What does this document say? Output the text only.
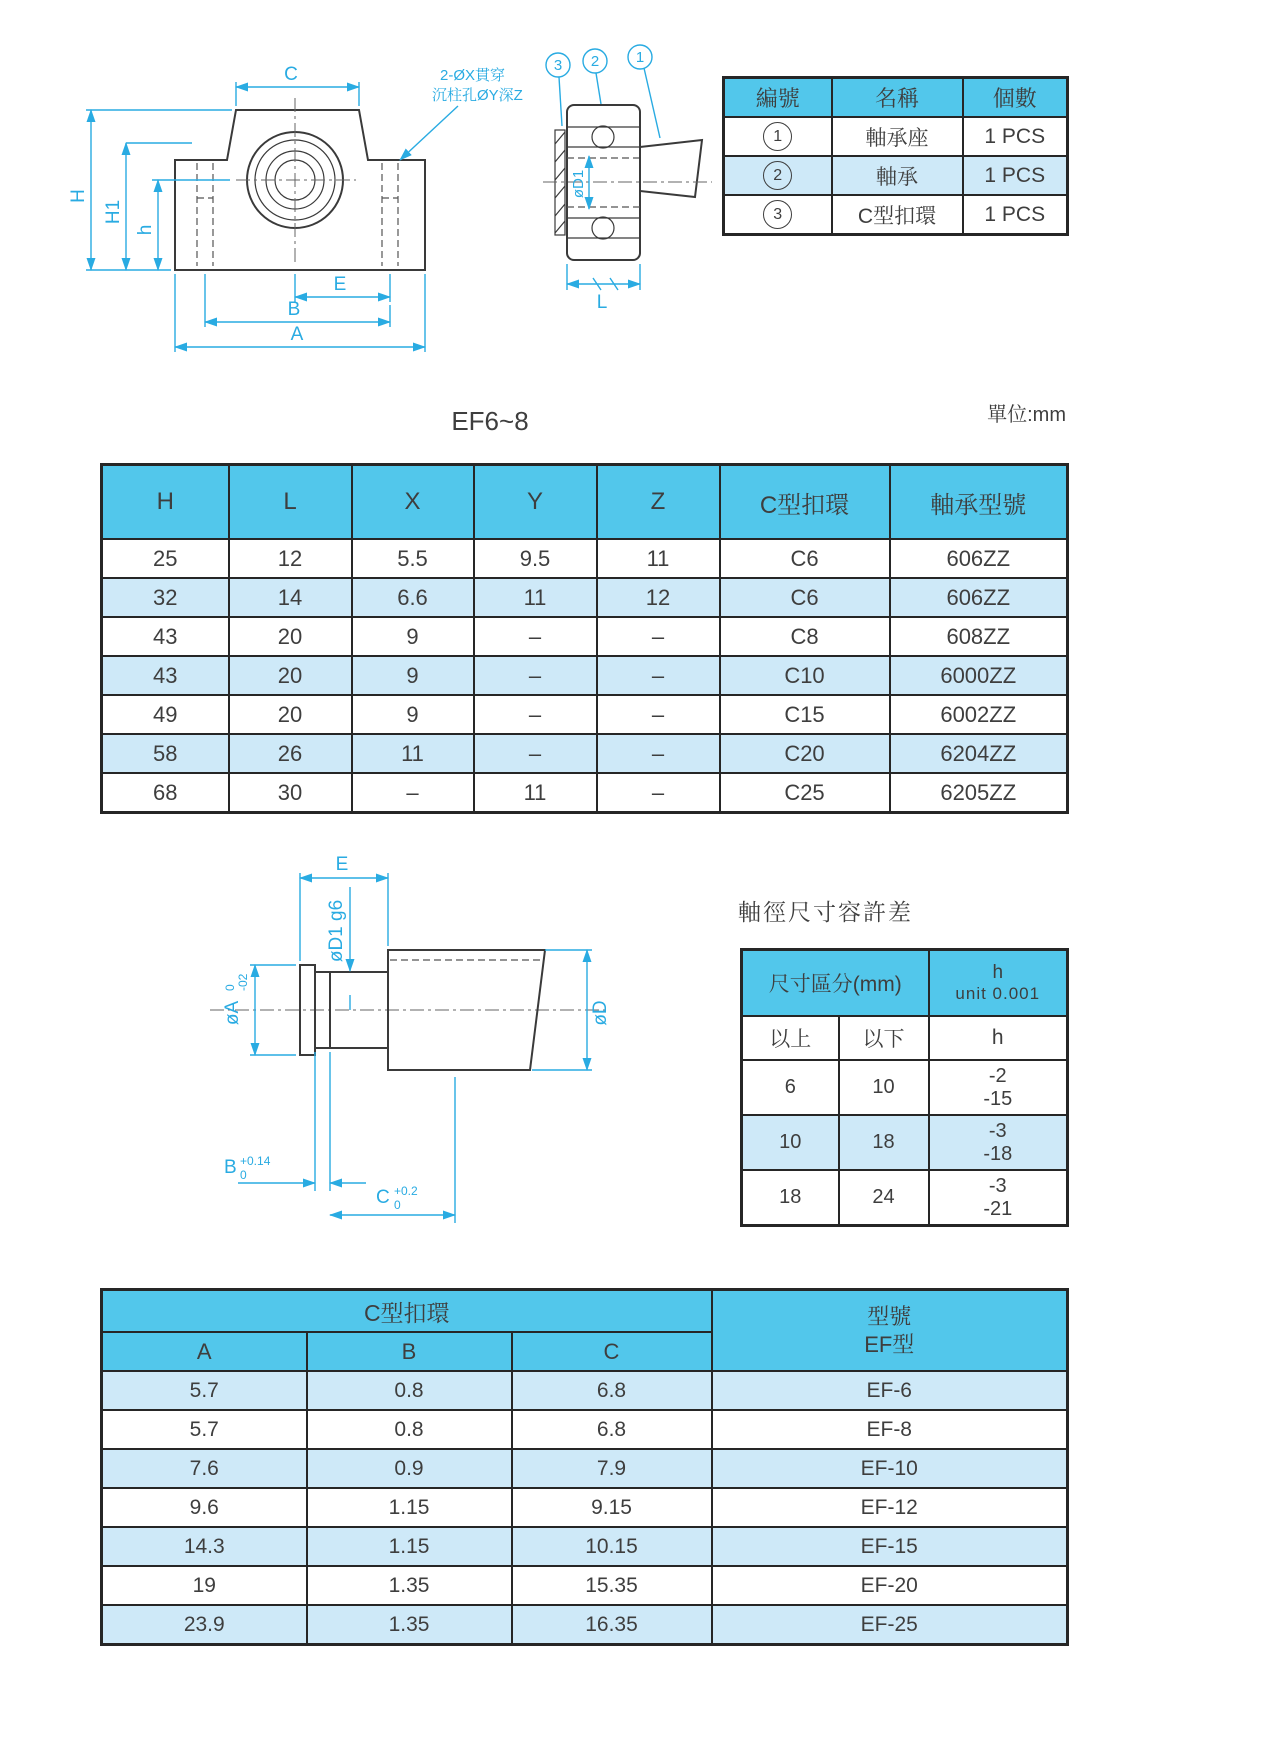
C
H
H1
h
E
B
A
2-ØX貫穿
沉柱孔ØY深Z
3 2 1
øD1
L
編號	名稱	個數
1	軸承座	1 PCS
2	軸承	1 PCS
3	C型扣環	1 PCS
EF6~8	單位:mm
H	L	X	Y	Z	C型扣環	軸承型號
25	12	5.5	9.5	11	C6	606ZZ
32	14	6.6	11	12	C6	606ZZ
43	20	9	–	–	C8	608ZZ
43	20	9	–	–	C10	6000ZZ
49	20	9	–	–	C15	6002ZZ
58	26	11	–	–	C20	6204ZZ
68	30	–	11	–	C25	6205ZZ
E
øD1 g6
øA
0 -02
B +0.14
0
C +0.2
0
øD
軸徑尺寸容許差
尺寸區分(mm)		h
unit 0.001

以上	以下	h
6	10	-2
-15

10	18	-3
-18

18	24	-3
-21
C型扣環			型號
EF型

A	B	C	
5.7	0.8	6.8	EF-6
5.7	0.8	6.8	EF-8
7.6	0.9	7.9	EF-10
9.6	1.15	9.15	EF-12
14.3	1.15	10.15	EF-15
19	1.35	15.35	EF-20
23.9	1.35	16.35	EF-25
